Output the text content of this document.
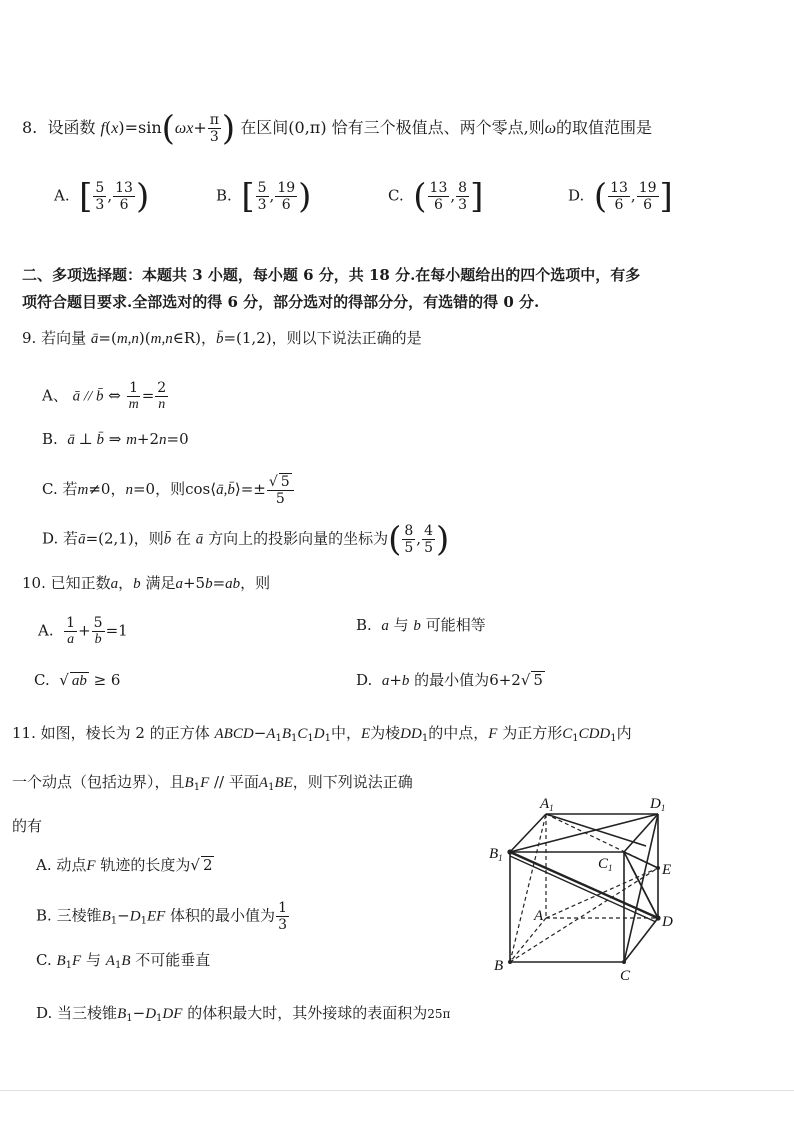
8. 设函数 $f(x)=\sin(\omega x+ \frac{\pi}{3}$ ) 在区间(0,π) 恰有三个极值点、两个零点,则ω的取值范围是
A. [ $\frac{5}{3}$ , $\frac{13}{6}$ )	B. [ $\frac{5}{3}$ , $\frac{19}{6}$ )	C. ( $\frac{13}{6}$ , $\frac{8}{3}$ ]	D. ( $\frac{13}{6}$ , $\frac{19}{6}$ ]
二、多项选择题：本题共 3 小题，每小题 6 分，共 18 分.在每小题给出的四个选项中，有多
项符合题目要求.全部选对的得 6 分，部分选对的得部分分，有选错的得 0 分.
9. 若向量 ā=(m,n)(m,n∈R)，b̄=(1,2)，则以下说法正确的是
A、 ā // b̄ ⇔ $\frac{1}{m} = \frac{2}{n}$
B. ā ⊥ b̄ ⇒ m+2n=0
C. 若m≠0，n=0，则cos⟨ā,b̄⟩=± $\frac{√ 5}{5}$
D. 若ā=(2,1)，则b̄ 在 ā 方向上的投影向量的坐标为( $\frac{8}{5}$ , $\frac{4}{5}$ )
10. 已知正数a，b 满足a+5b=ab，则
A. $\frac{1}{a} + \frac{5}{b} =1$	B. a 与 b 可能相等
C.  √ ab ≥ 6	D. a+b 的最小值为6+2√ 5
11. 如图，棱长为 2 的正方体 $ABCD-A_1B_1C_1D_1$中，E为棱$DD_1$的中点，F 为正方形$C_1CDD_1$内
一个动点（包括边界），且$B_1F$ // 平面$A_1BE$，则下列说法正确
的有
A. 动点F 轨迹的长度为√ 2
B. 三棱锥$B_1-D_1EF$ 体积的最小值为 $\frac{1}{3}$
C. $B_1F$ 与 $A_1B$ 不可能垂直
D. 当三棱锥$B_1-D_1DF$ 的体积最大时，其外接球的表面积为25π
$A_1$	$D_1$
$B_1$	$C_1$	E
A	D
B
C
